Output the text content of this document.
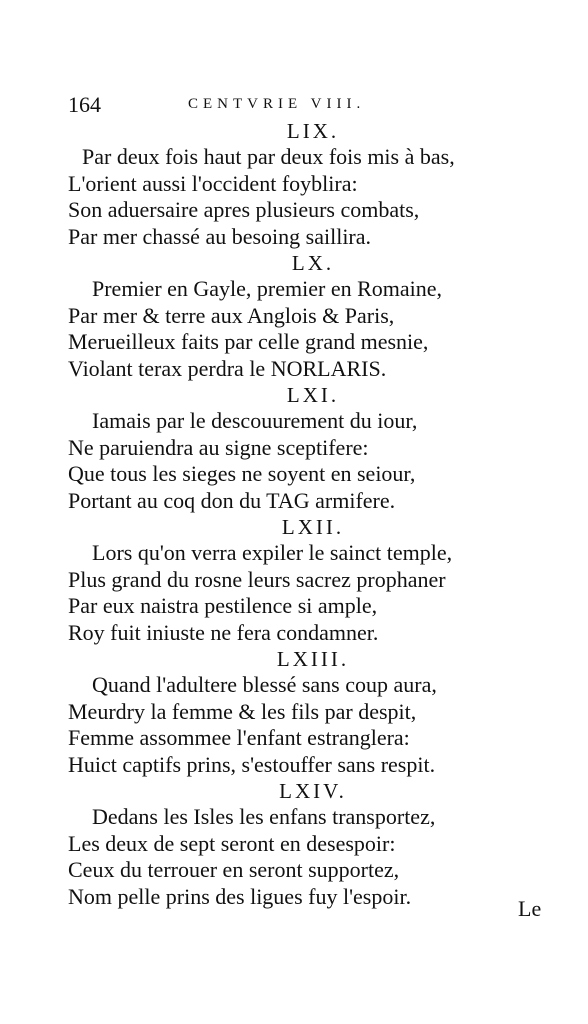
164	CENTVRIE VIII.
LIX.
Par deux fois haut par deux fois mis à bas,
L'orient aussi l'occident foyblira:
Son aduersaire apres plusieurs combats,
Par mer chassé au besoing saillira.
LX.
Premier en Gayle, premier en Romaine,
Par mer & terre aux Anglois & Paris,
Merueilleux faits par celle grand mesnie,
Violant terax perdra le NORLARIS.
LXI.
Iamais par le descouurement du iour,
Ne paruiendra au signe sceptifere:
Que tous les sieges ne soyent en seiour,
Portant au coq don du TAG armifere.
LXII.
Lors qu'on verra expiler le sainct temple,
Plus grand du rosne leurs sacrez prophaner
Par eux naistra pestilence si ample,
Roy fuit iniuste ne fera condamner.
LXIII.
Quand l'adultere blessé sans coup aura,
Meurdry la femme & les fils par despit,
Femme assommee l'enfant estranglera:
Huict captifs prins, s'estouffer sans respit.
LXIV.
Dedans les Isles les enfans transportez,
Les deux de sept seront en desespoir:
Ceux du terrouer en seront supportez,
Nom pelle prins des ligues fuy l'espoir.	Le
